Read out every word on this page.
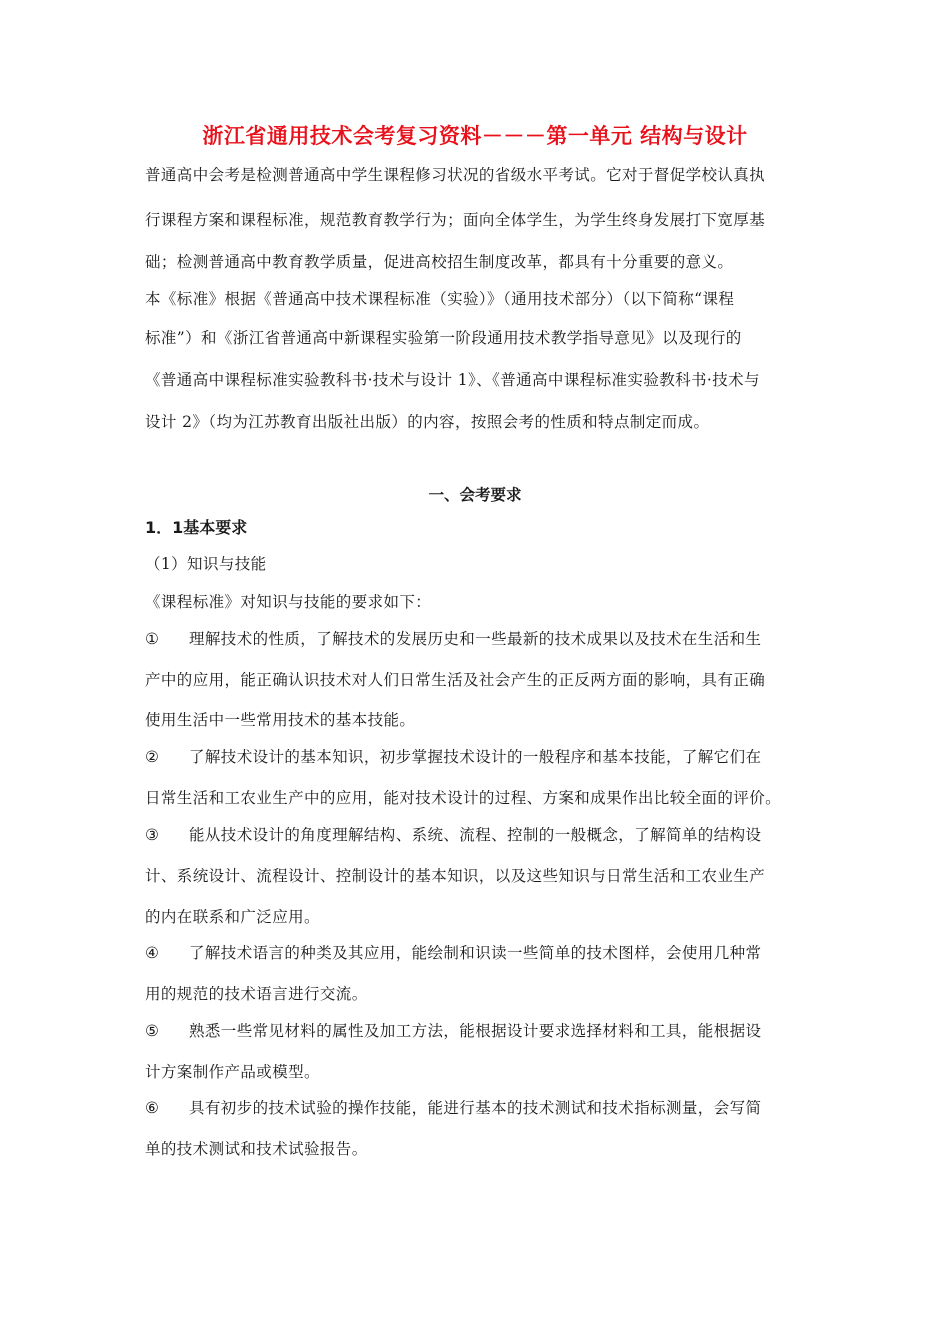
浙江省通用技术会考复习资料－－－第一单元 结构与设计
普通高中会考是检测普通高中学生课程修习状况的省级水平考试。它对于督促学校认真执
行课程方案和课程标准，规范教育教学行为；面向全体学生，为学生终身发展打下宽厚基
础；检测普通高中教育教学质量，促进高校招生制度改革，都具有十分重要的意义。
本《标准》根据《普通高中技术课程标准（实验）》（通用技术部分）（以下简称“课程
标准”）和《浙江省普通高中新课程实验第一阶段通用技术教学指导意见》以及现行的
《普通高中课程标准实验教科书·技术与设计 1》、《普通高中课程标准实验教科书·技术与
设计 2》（均为江苏教育出版社出版）的内容，按照会考的性质和特点制定而成。
一、会考要求
1．1基本要求
（1）知识与技能
《课程标准》对知识与技能的要求如下：
① 理解技术的性质，了解技术的发展历史和一些最新的技术成果以及技术在生活和生
产中的应用，能正确认识技术对人们日常生活及社会产生的正反两方面的影响，具有正确
使用生活中一些常用技术的基本技能。
② 了解技术设计的基本知识，初步掌握技术设计的一般程序和基本技能，了解它们在
日常生活和工农业生产中的应用，能对技术设计的过程、方案和成果作出比较全面的评价。
③ 能从技术设计的角度理解结构、系统、流程、控制的一般概念，了解简单的结构设
计、系统设计、流程设计、控制设计的基本知识，以及这些知识与日常生活和工农业生产
的内在联系和广泛应用。
④ 了解技术语言的种类及其应用，能绘制和识读一些简单的技术图样，会使用几种常
用的规范的技术语言进行交流。
⑤ 熟悉一些常见材料的属性及加工方法，能根据设计要求选择材料和工具，能根据设
计方案制作产品或模型。
⑥ 具有初步的技术试验的操作技能，能进行基本的技术测试和技术指标测量，会写简
单的技术测试和技术试验报告。
